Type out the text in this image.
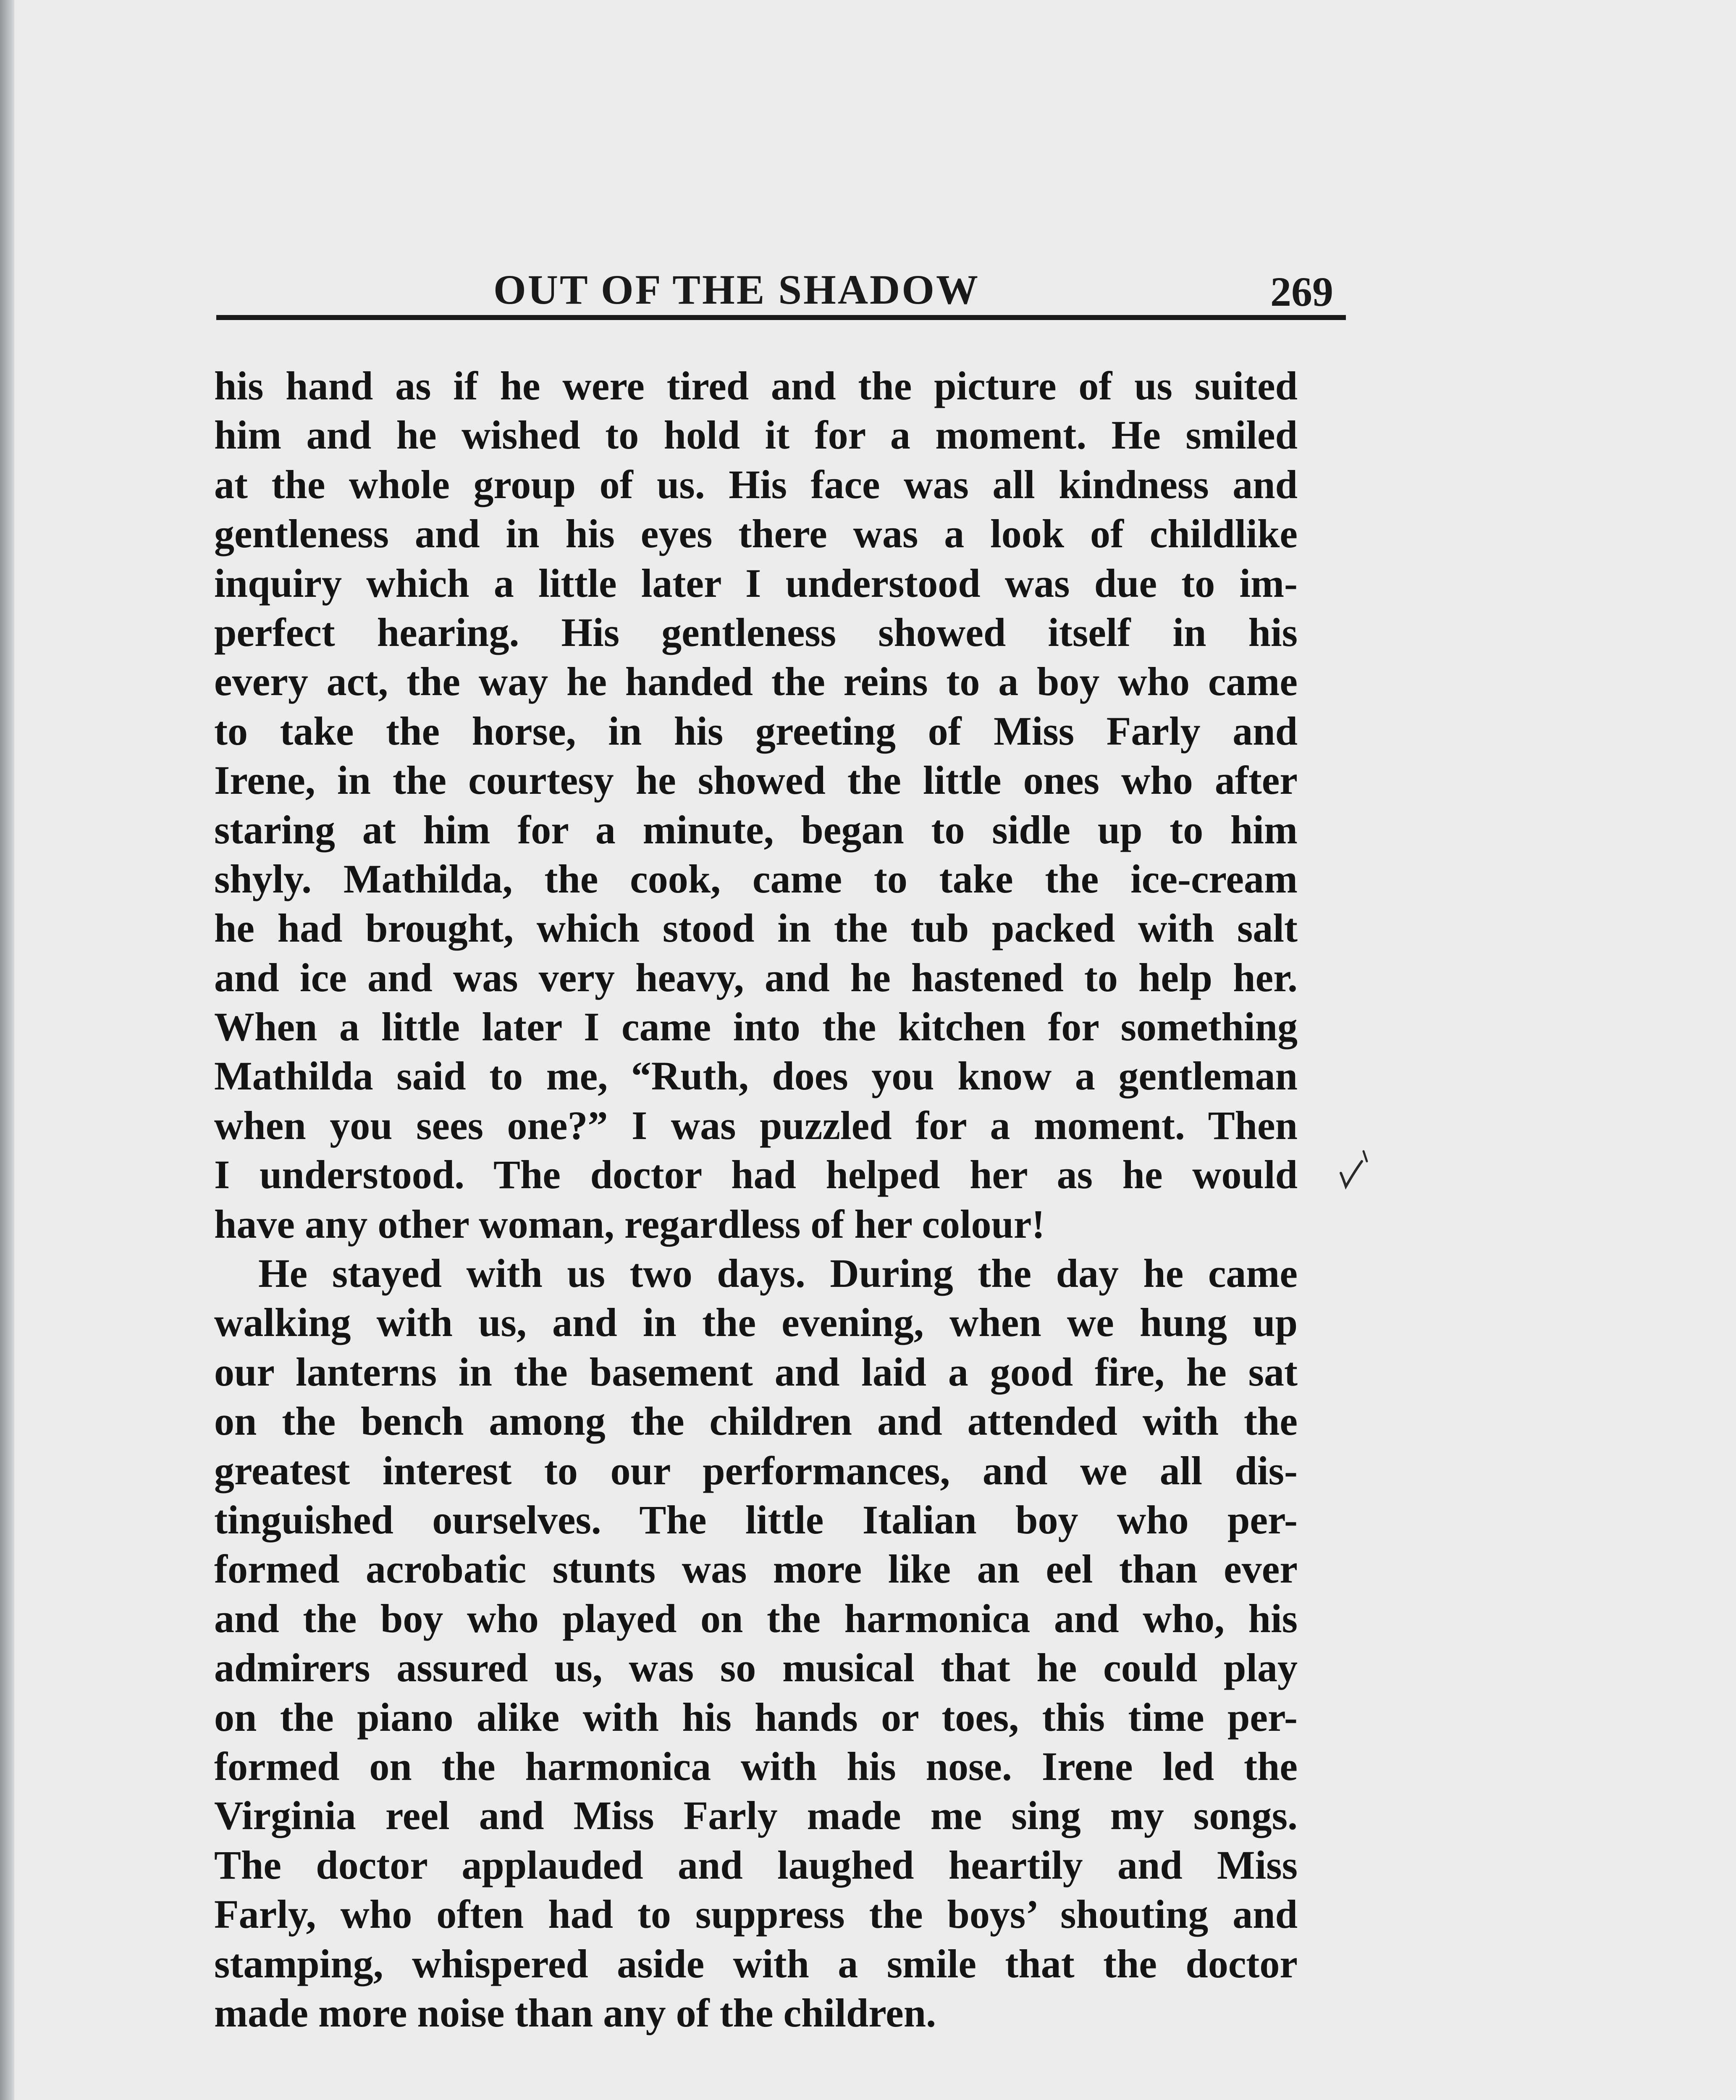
OUT OF THE SHADOW	269
his hand as if he were tired and the picture of us suited
him and he wished to hold it for a moment. He smiled
at the whole group of us. His face was all kindness and
gentleness and in his eyes there was a look of childlike
inquiry which a little later I understood was due to im-
perfect hearing. His gentleness showed itself in his
every act, the way he handed the reins to a boy who came
to take the horse, in his greeting of Miss Farly and
Irene, in the courtesy he showed the little ones who after
staring at him for a minute, began to sidle up to him
shyly. Mathilda, the cook, came to take the ice-cream
he had brought, which stood in the tub packed with salt
and ice and was very heavy, and he hastened to help her.
When a little later I came into the kitchen for something
Mathilda said to me, “Ruth, does you know a gentleman
when you sees one?” I was puzzled for a moment. Then
I understood. The doctor had helped her as he would
have any other woman, regardless of her colour!
He stayed with us two days. During the day he came
walking with us, and in the evening, when we hung up
our lanterns in the basement and laid a good fire, he sat
on the bench among the children and attended with the
greatest interest to our performances, and we all dis-
tinguished ourselves. The little Italian boy who per-
formed acrobatic stunts was more like an eel than ever
and the boy who played on the harmonica and who, his
admirers assured us, was so musical that he could play
on the piano alike with his hands or toes, this time per-
formed on the harmonica with his nose. Irene led the
Virginia reel and Miss Farly made me sing my songs.
The doctor applauded and laughed heartily and Miss
Farly, who often had to suppress the boys’ shouting and
stamping, whispered aside with a smile that the doctor
made more noise than any of the children.
